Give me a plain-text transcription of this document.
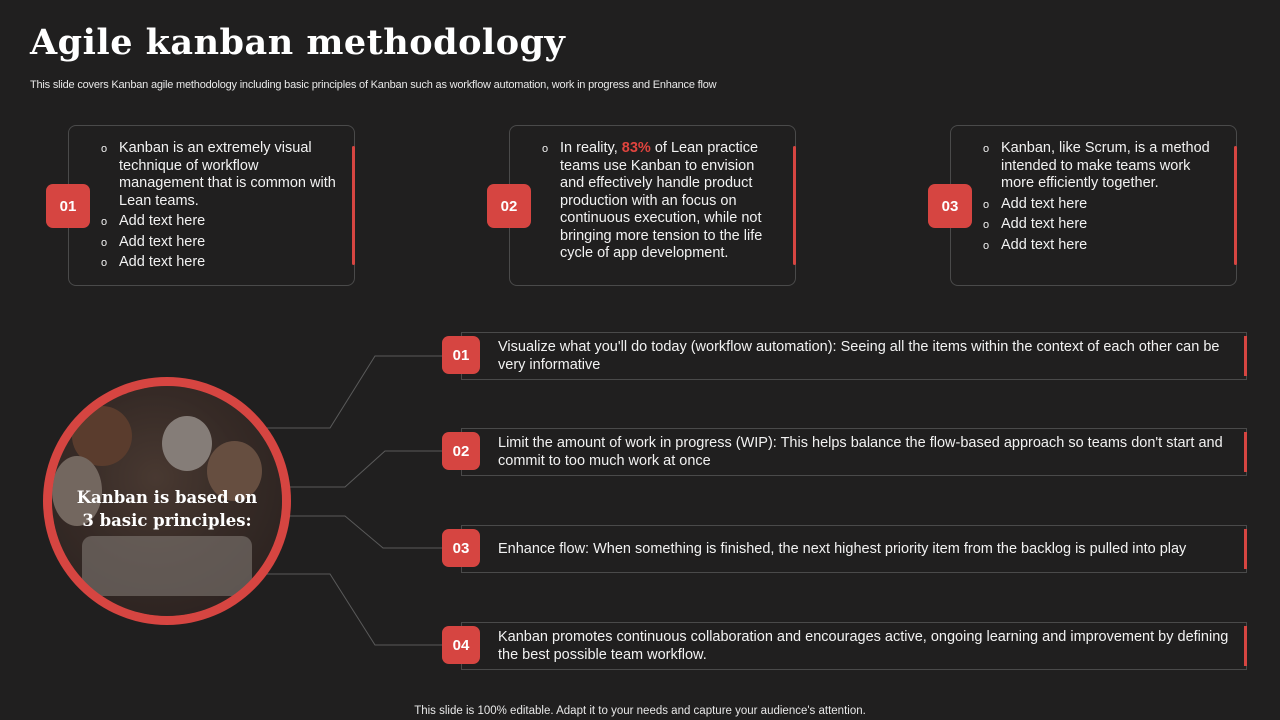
Agile kanban methodology
This slide covers Kanban agile methodology including basic principles of Kanban such as workflow automation, work in progress and Enhance flow
o Kanban is an extremely visual technique of workflow management that is common with Lean teams.
o Add text here
o Add text here
o Add text here
01
o In reality, 83% of Lean practice teams use Kanban to envision and effectively handle product production with an focus on continuous execution, while not bringing more tension to the life cycle of app development.
02
o Kanban, like Scrum, is a method intended to make teams work more efficiently together.
o Add text here
o Add text here
o Add text here
03
Kanban is based on
3 basic principles:
Visualize what you'll do today (workflow automation): Seeing all the items within the context of each other can be very informative
01
Limit the amount of work in progress (WIP): This helps balance the flow-based approach so teams don't start and commit to too much work at once
02
Enhance flow: When something is finished, the next highest priority item from the backlog is pulled into play
03
Kanban promotes continuous collaboration and encourages active, ongoing learning and improvement by defining the best possible team workflow.
04
This slide is 100% editable. Adapt it to your needs and capture your audience's attention.
